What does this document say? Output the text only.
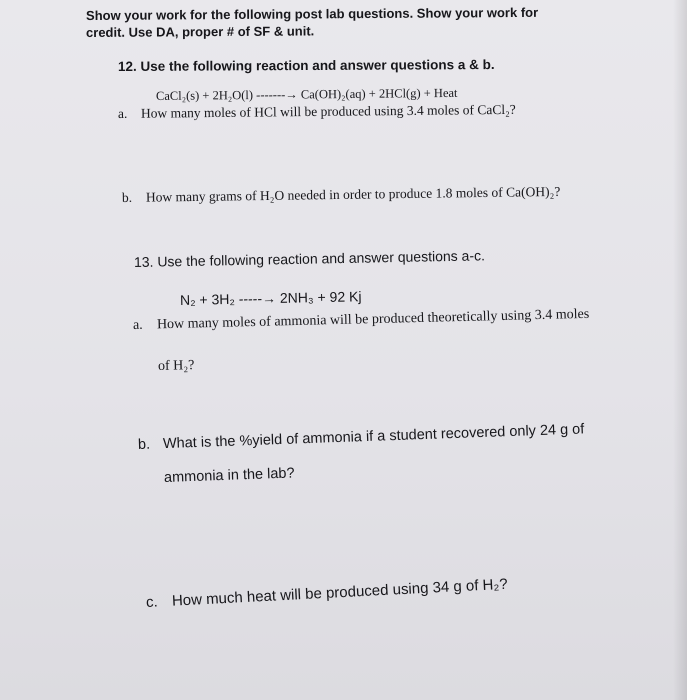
Show your work for the following post lab questions. Show your work for
credit. Use DA, proper # of SF & unit.
12. Use the following reaction and answer questions a & b.
CaCl₂(s) + 2H₂O(l) -------→ Ca(OH)₂(aq) + 2HCl(g) + Heat
a. How many moles of HCl will be produced using 3.4 moles of CaCl₂?
b. How many grams of H₂O needed in order to produce 1.8 moles of Ca(OH)₂?
13. Use the following reaction and answer questions a-c.
N₂ + 3H₂ -----→ 2NH₃ + 92 Kj
a. How many moles of ammonia will be produced theoretically using 3.4 moles
of H₂?
b. What is the %yield of ammonia if a student recovered only 24 g of
ammonia in the lab?
c. How much heat will be produced using 34 g of H₂?
